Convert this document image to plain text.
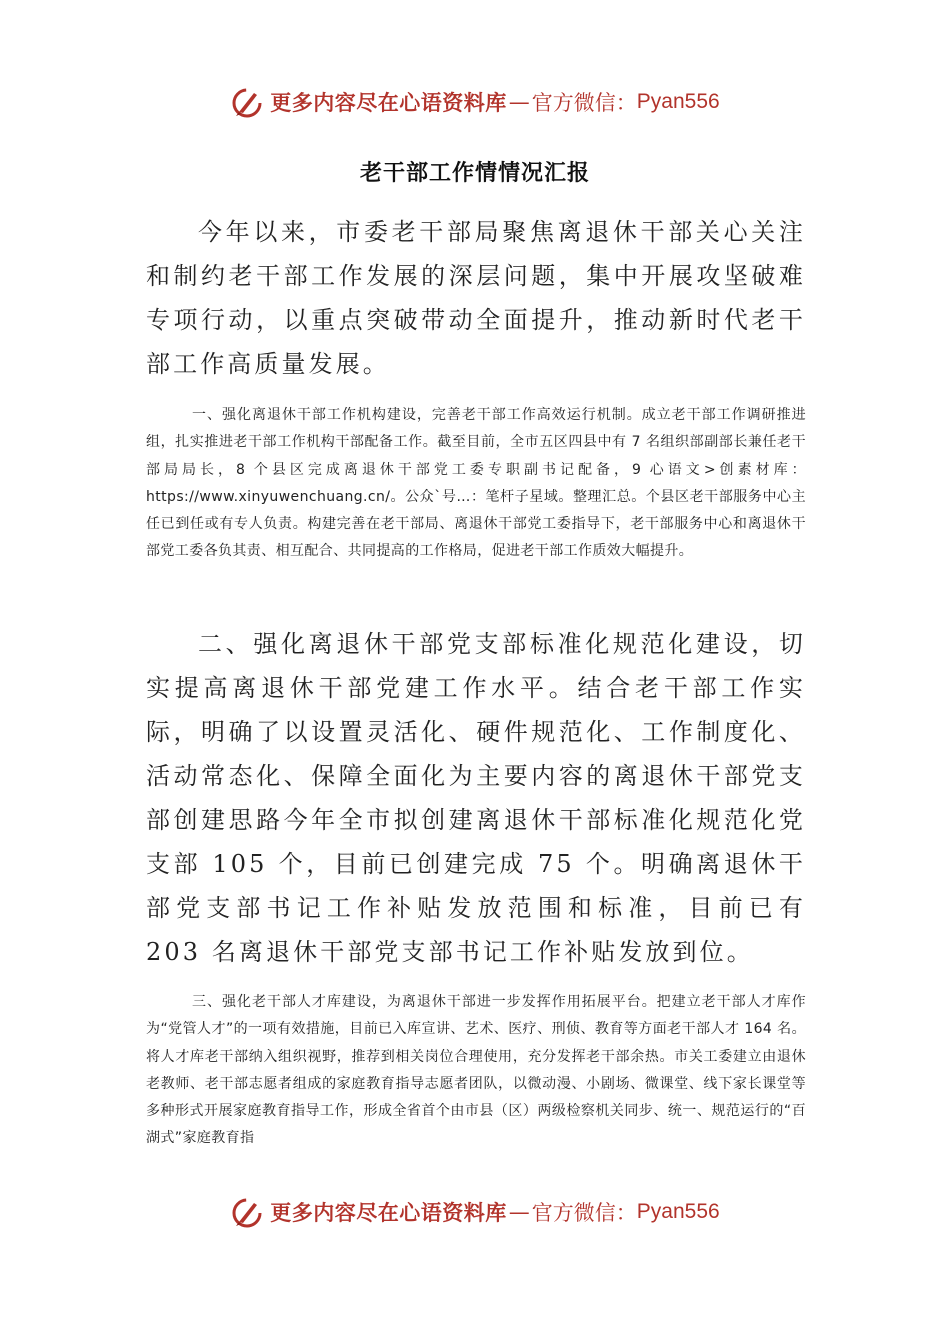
更多内容尽在心语资料库 — 官方微信： Pyan556
老干部工作情情况汇报

今年以来，市委老干部局聚焦离退休干部关心关注和制约老干部工作发展的深层问题，集中开展攻坚破难专项行动，以重点突破带动全面提升，推动新时代老干部工作高质量发展。

一、强化离退休干部工作机构建设，完善老干部工作高效运行机制。成立老干部工作调研推进组，扎实推进老干部工作机构干部配备工作。截至目前，全市五区四县中有 7 名组织部副部长兼任老干部局局长，8 个县区完成离退休干部党工委专职副书记配备，9 心语文>创素材库：https://www.xinyuwenchuang.cn/。公众`号…：笔杆子星域。整理汇总。个县区老干部服务中心主任已到任或有专人负责。构建完善在老干部局、离退休干部党工委指导下，老干部服务中心和离退休干部党工委各负其责、相互配合、共同提高的工作格局，促进老干部工作质效大幅提升。

二、强化离退休干部党支部标准化规范化建设，切实提高离退休干部党建工作水平。结合老干部工作实际，明确了以设置灵活化、硬件规范化、工作制度化、活动常态化、保障全面化为主要内容的离退休干部党支部创建思路今年全市拟创建离退休干部标准化规范化党支部 105 个，目前已创建完成 75 个。明确离退休干部党支部书记工作补贴发放范围和标准，目前已有 203 名离退休干部党支部书记工作补贴发放到位。

三、强化老干部人才库建设，为离退休干部进一步发挥作用拓展平台。把建立老干部人才库作为“党管人才”的一项有效措施，目前已入库宣讲、艺术、医疗、刑侦、教育等方面老干部人才 164 名。将人才库老干部纳入组织视野，推荐到相关岗位合理使用，充分发挥老干部余热。市关工委建立由退休老教师、老干部志愿者组成的家庭教育指导志愿者团队，以微动漫、小剧场、微课堂、线下家长课堂等多种形式开展家庭教育指导工作，形成全省首个由市县（区）两级检察机关同步、统一、规范运行的“百湖式”家庭教育指

更多内容尽在心语资料库 — 官方微信： Pyan556
